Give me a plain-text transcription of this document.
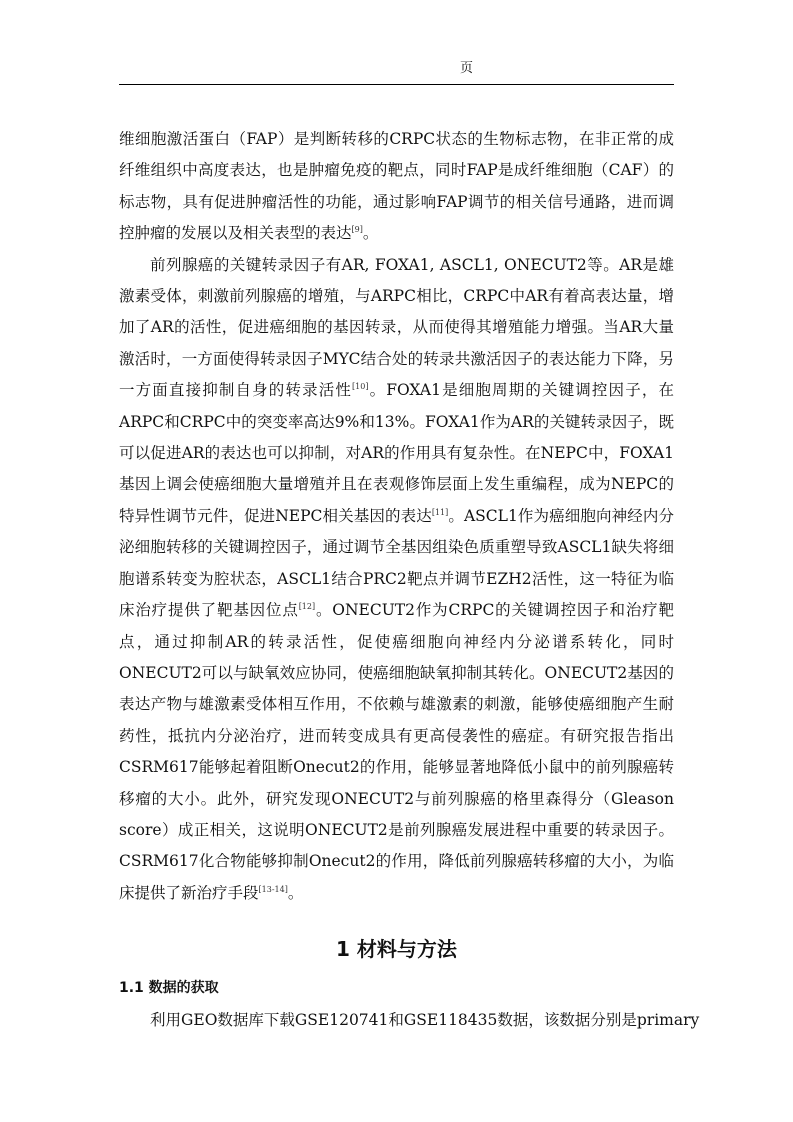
页

维细胞激活蛋白（FAP）是判断转移的CRPC状态的生物标志物，在非正常的成纤维组织中高度表达，也是肿瘤免疫的靶点，同时FAP是成纤维细胞（CAF）的标志物，具有促进肿瘤活性的功能，通过影响FAP调节的相关信号通路，进而调控肿瘤的发展以及相关表型的表达[9]。

前列腺癌的关键转录因子有AR, FOXA1, ASCL1, ONECUT2等。AR是雄激素受体，刺激前列腺癌的增殖，与ARPC相比，CRPC中AR有着高表达量，增加了AR的活性，促进癌细胞的基因转录，从而使得其增殖能力增强。当AR大量激活时，一方面使得转录因子MYC结合处的转录共激活因子的表达能力下降，另一方面直接抑制自身的转录活性[10]。FOXA1是细胞周期的关键调控因子，在ARPC和CRPC中的突变率高达9%和13%。FOXA1作为AR的关键转录因子，既可以促进AR的表达也可以抑制，对AR的作用具有复杂性。在NEPC中，FOXA1基因上调会使癌细胞大量增殖并且在表观修饰层面上发生重编程，成为NEPC的特异性调节元件，促进NEPC相关基因的表达[11]。ASCL1作为癌细胞向神经内分泌细胞转移的关键调控因子，通过调节全基因组染色质重塑导致ASCL1缺失将细胞谱系转变为腔状态，ASCL1结合PRC2靶点并调节EZH2活性，这一特征为临床治疗提供了靶基因位点[12]。ONECUT2作为CRPC的关键调控因子和治疗靶点，通过抑制AR的转录活性，促使癌细胞向神经内分泌谱系转化，同时ONECUT2可以与缺氧效应协同，使癌细胞缺氧抑制其转化。ONECUT2基因的表达产物与雄激素受体相互作用，不依赖与雄激素的刺激，能够使癌细胞产生耐药性，抵抗内分泌治疗，进而转变成具有更高侵袭性的癌症。有研究报告指出CSRM617能够起着阻断Onecut2的作用，能够显著地降低小鼠中的前列腺癌转移瘤的大小。此外，研究发现ONECUT2与前列腺癌的格里森得分（Gleason score）成正相关，这说明ONECUT2是前列腺癌发展进程中重要的转录因子。CSRM617化合物能够抑制Onecut2的作用，降低前列腺癌转移瘤的大小，为临床提供了新治疗手段[13-14]。

1 材料与方法
1.1 数据的获取

利用GEO数据库下载GSE120741和GSE118435数据，该数据分别是primary
